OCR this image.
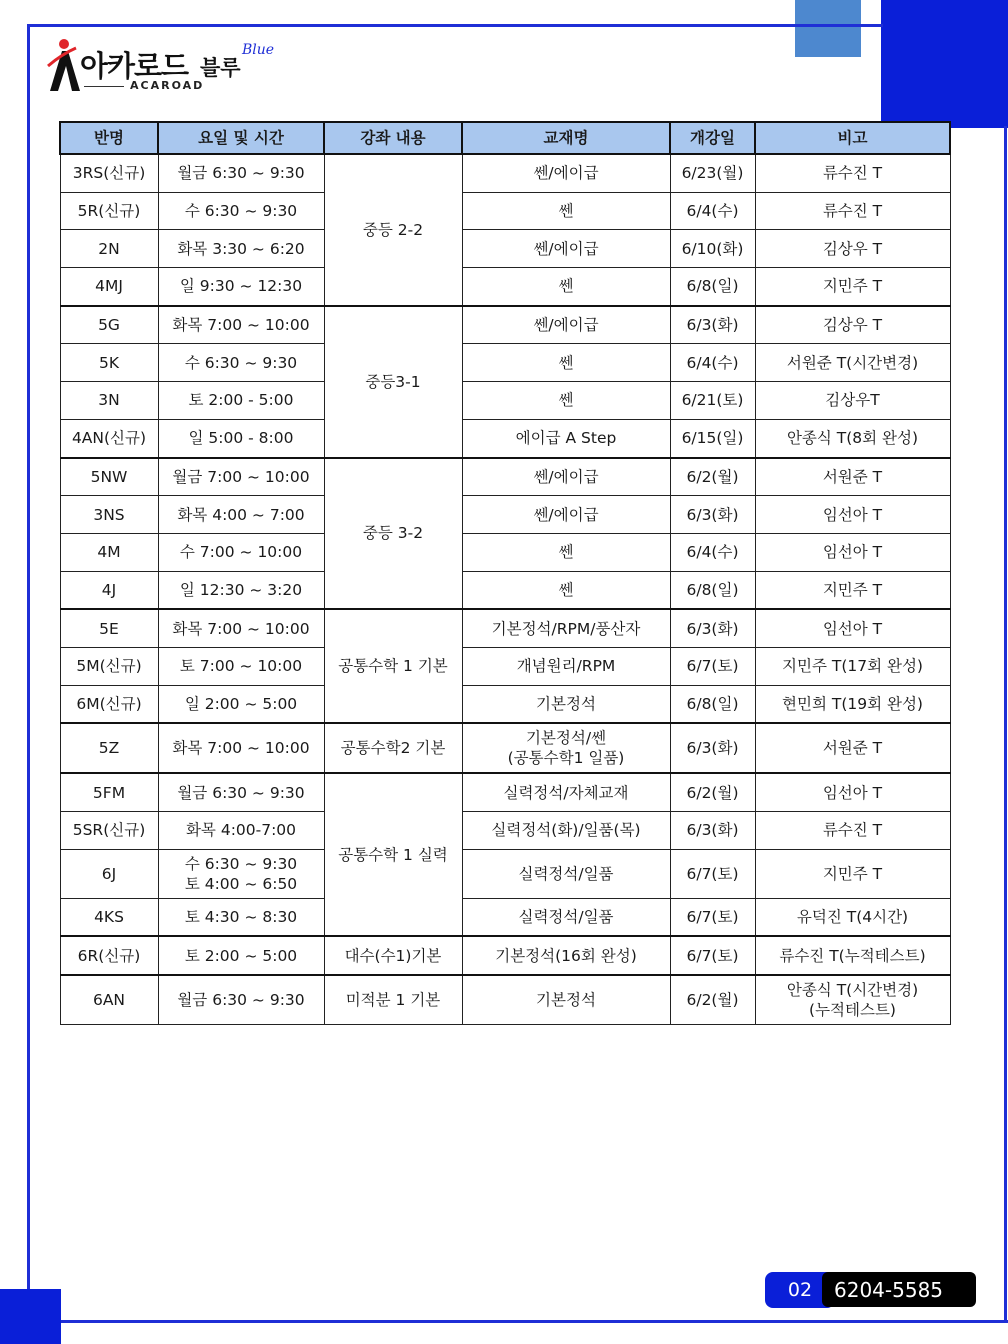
아카로드 블루
Blue
ACAROAD
반명	요일 및 시간	강좌 내용	교재명	개강일	비고
3RS(신규)	월금 6:30 ~ 9:30	중등 2-2	쎈/에이급	6/23(월)	류수진 T

5R(신규)	수 6:30 ~ 9:30		쎈	6/4(수)	류수진 T

2N	화목 3:30 ~ 6:20		쎈/에이급	6/10(화)	김상우 T

4MJ	일 9:30 ~ 12:30		쎈	6/8(일)	지민주 T

5G	화목 7:00 ~ 10:00	중등3-1	쎈/에이급	6/3(화)	김상우 T

5K	수 6:30 ~ 9:30		쎈	6/4(수)	서원준 T(시간변경)

3N	토 2:00 - 5:00		쎈	6/21(토)	김상우T

4AN(신규)	일 5:00 - 8:00		에이급 A Step	6/15(일)	안종식 T(8회 완성)

5NW	월금 7:00 ~ 10:00	중등 3-2	쎈/에이급	6/2(월)	서원준 T

3NS	화목 4:00 ~ 7:00		쎈/에이급	6/3(화)	임선아 T

4M	수 7:00 ~ 10:00		쎈	6/4(수)	임선아 T

4J	일 12:30 ~ 3:20		쎈	6/8(일)	지민주 T

5E	화목 7:00 ~ 10:00	공통수학 1 기본	기본정석/RPM/풍산자	6/3(화)	임선아 T

5M(신규)	토 7:00 ~ 10:00		개념원리/RPM	6/7(토)	지민주 T(17회 완성)

6M(신규)	일 2:00 ~ 5:00		기본정석	6/8(일)	현민희 T(19회 완성)

5Z	화목 7:00 ~ 10:00	공통수학2 기본	기본정석/쎈
(공통수학1 일품)	6/3(화)	서원준 T

5FM	월금 6:30 ~ 9:30	공통수학 1 실력	실력정석/자체교재	6/2(월)	임선아 T

5SR(신규)	화목 4:00-7:00		실력정석(화)/일품(목)	6/3(화)	류수진 T

6J	수 6:30 ~ 9:30
토 4:00 ~ 6:50		실력정석/일품	6/7(토)	지민주 T

4KS	토 4:30 ~ 8:30		실력정석/일품	6/7(토)	유덕진 T(4시간)

6R(신규)	토 2:00 ~ 5:00	대수(수1)기본	기본정석(16회 완성)	6/7(토)	류수진 T(누적테스트)

6AN	월금 6:30 ~ 9:30	미적분 1 기본	기본정석	6/2(월)	안종식 T(시간변경)
(누적테스트)
02	6204-5585
